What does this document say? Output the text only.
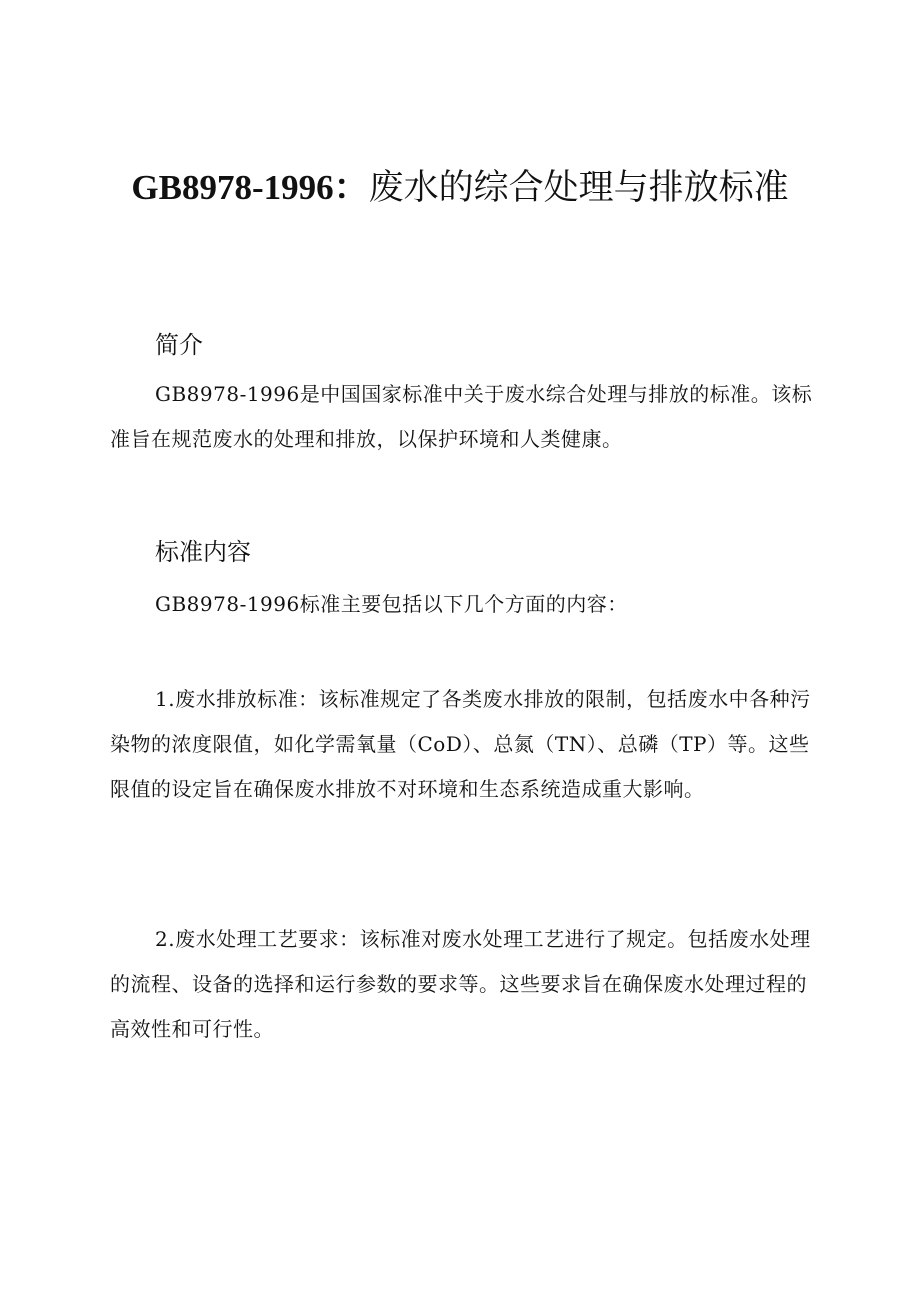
GB8978-1996：废水的综合处理与排放标准
简介

GB8978-1996是中国国家标准中关于废水综合处理与排放的标准。该标准旨在规范废水的处理和排放，以保护环境和人类健康。

标准内容

GB8978-1996标准主要包括以下几个方面的内容：

1.废水排放标准：该标准规定了各类废水排放的限制，包括废水中各种污染物的浓度限值，如化学需氧量（CoD）、总氮（TN）、总磷（TP）等。这些限值的设定旨在确保废水排放不对环境和生态系统造成重大影响。

2.废水处理工艺要求：该标准对废水处理工艺进行了规定。包括废水处理的流程、设备的选择和运行参数的要求等。这些要求旨在确保废水处理过程的高效性和可行性。
